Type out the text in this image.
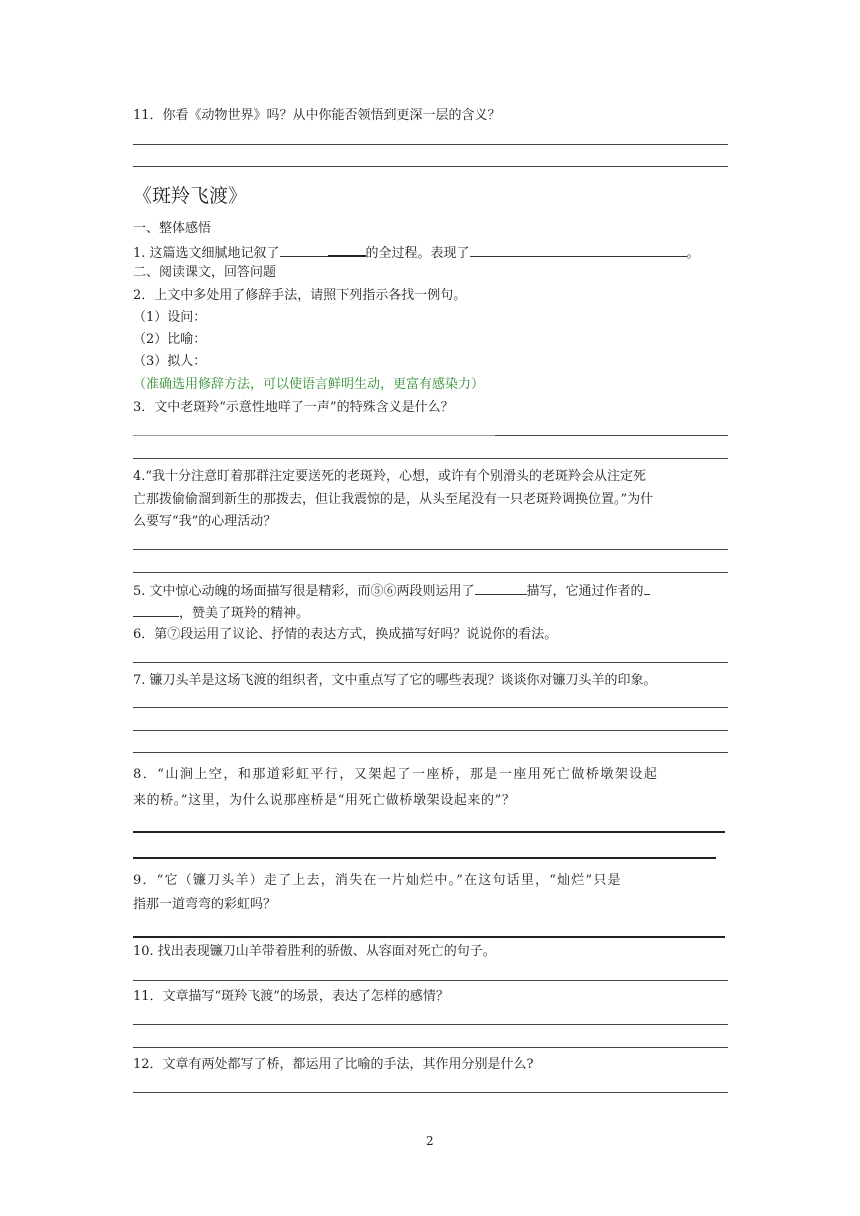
11．你看《动物世界》吗？从中你能否领悟到更深一层的含义？
《斑羚飞渡》
一、整体感悟
1. 这篇选文细腻地记叙了	的全过程。表现了	。
二、阅读课文，回答问题
2．上文中多处用了修辞手法，请照下列指示各找一例句。
（1）设问：
（2）比喻：
（3）拟人：
（准确选用修辞方法，可以使语言鲜明生动，更富有感染力）
3．文中老斑羚“示意性地咩了一声”的特殊含义是什么？
4.“我十分注意盯着那群注定要送死的老斑羚，心想，或许有个别滑头的老斑羚会从注定死
亡那拨偷偷溜到新生的那拨去，但让我震惊的是，从头至尾没有一只老斑羚调换位置。”为什
么要写“我”的心理活动？
5. 文中惊心动魄的场面描写很是精彩，而⑤⑥两段则运用了	描写，它通过作者的
，赞美了斑羚的精神。
6．第⑦段运用了议论、抒情的表达方式，换成描写好吗？说说你的看法。
7. 镰刀头羊是这场飞渡的组织者，文中重点写了它的哪些表现？谈谈你对镰刀头羊的印象。
8．“山涧上空，和那道彩虹平行，又架起了一座桥，那是一座用死亡做桥墩架设起
来的桥。”这里，为什么说那座桥是“用死亡做桥墩架设起来的”？
9．“它（镰刀头羊）走了上去，消失在一片灿烂中。”在这句话里，“灿烂”只是
指那一道弯弯的彩虹吗？
10. 找出表现镰刀山羊带着胜利的骄傲、从容面对死亡的句子。
11．文章描写“斑羚飞渡”的场景，表达了怎样的感情？
12．文章有两处都写了桥，都运用了比喻的手法，其作用分别是什么?
2
